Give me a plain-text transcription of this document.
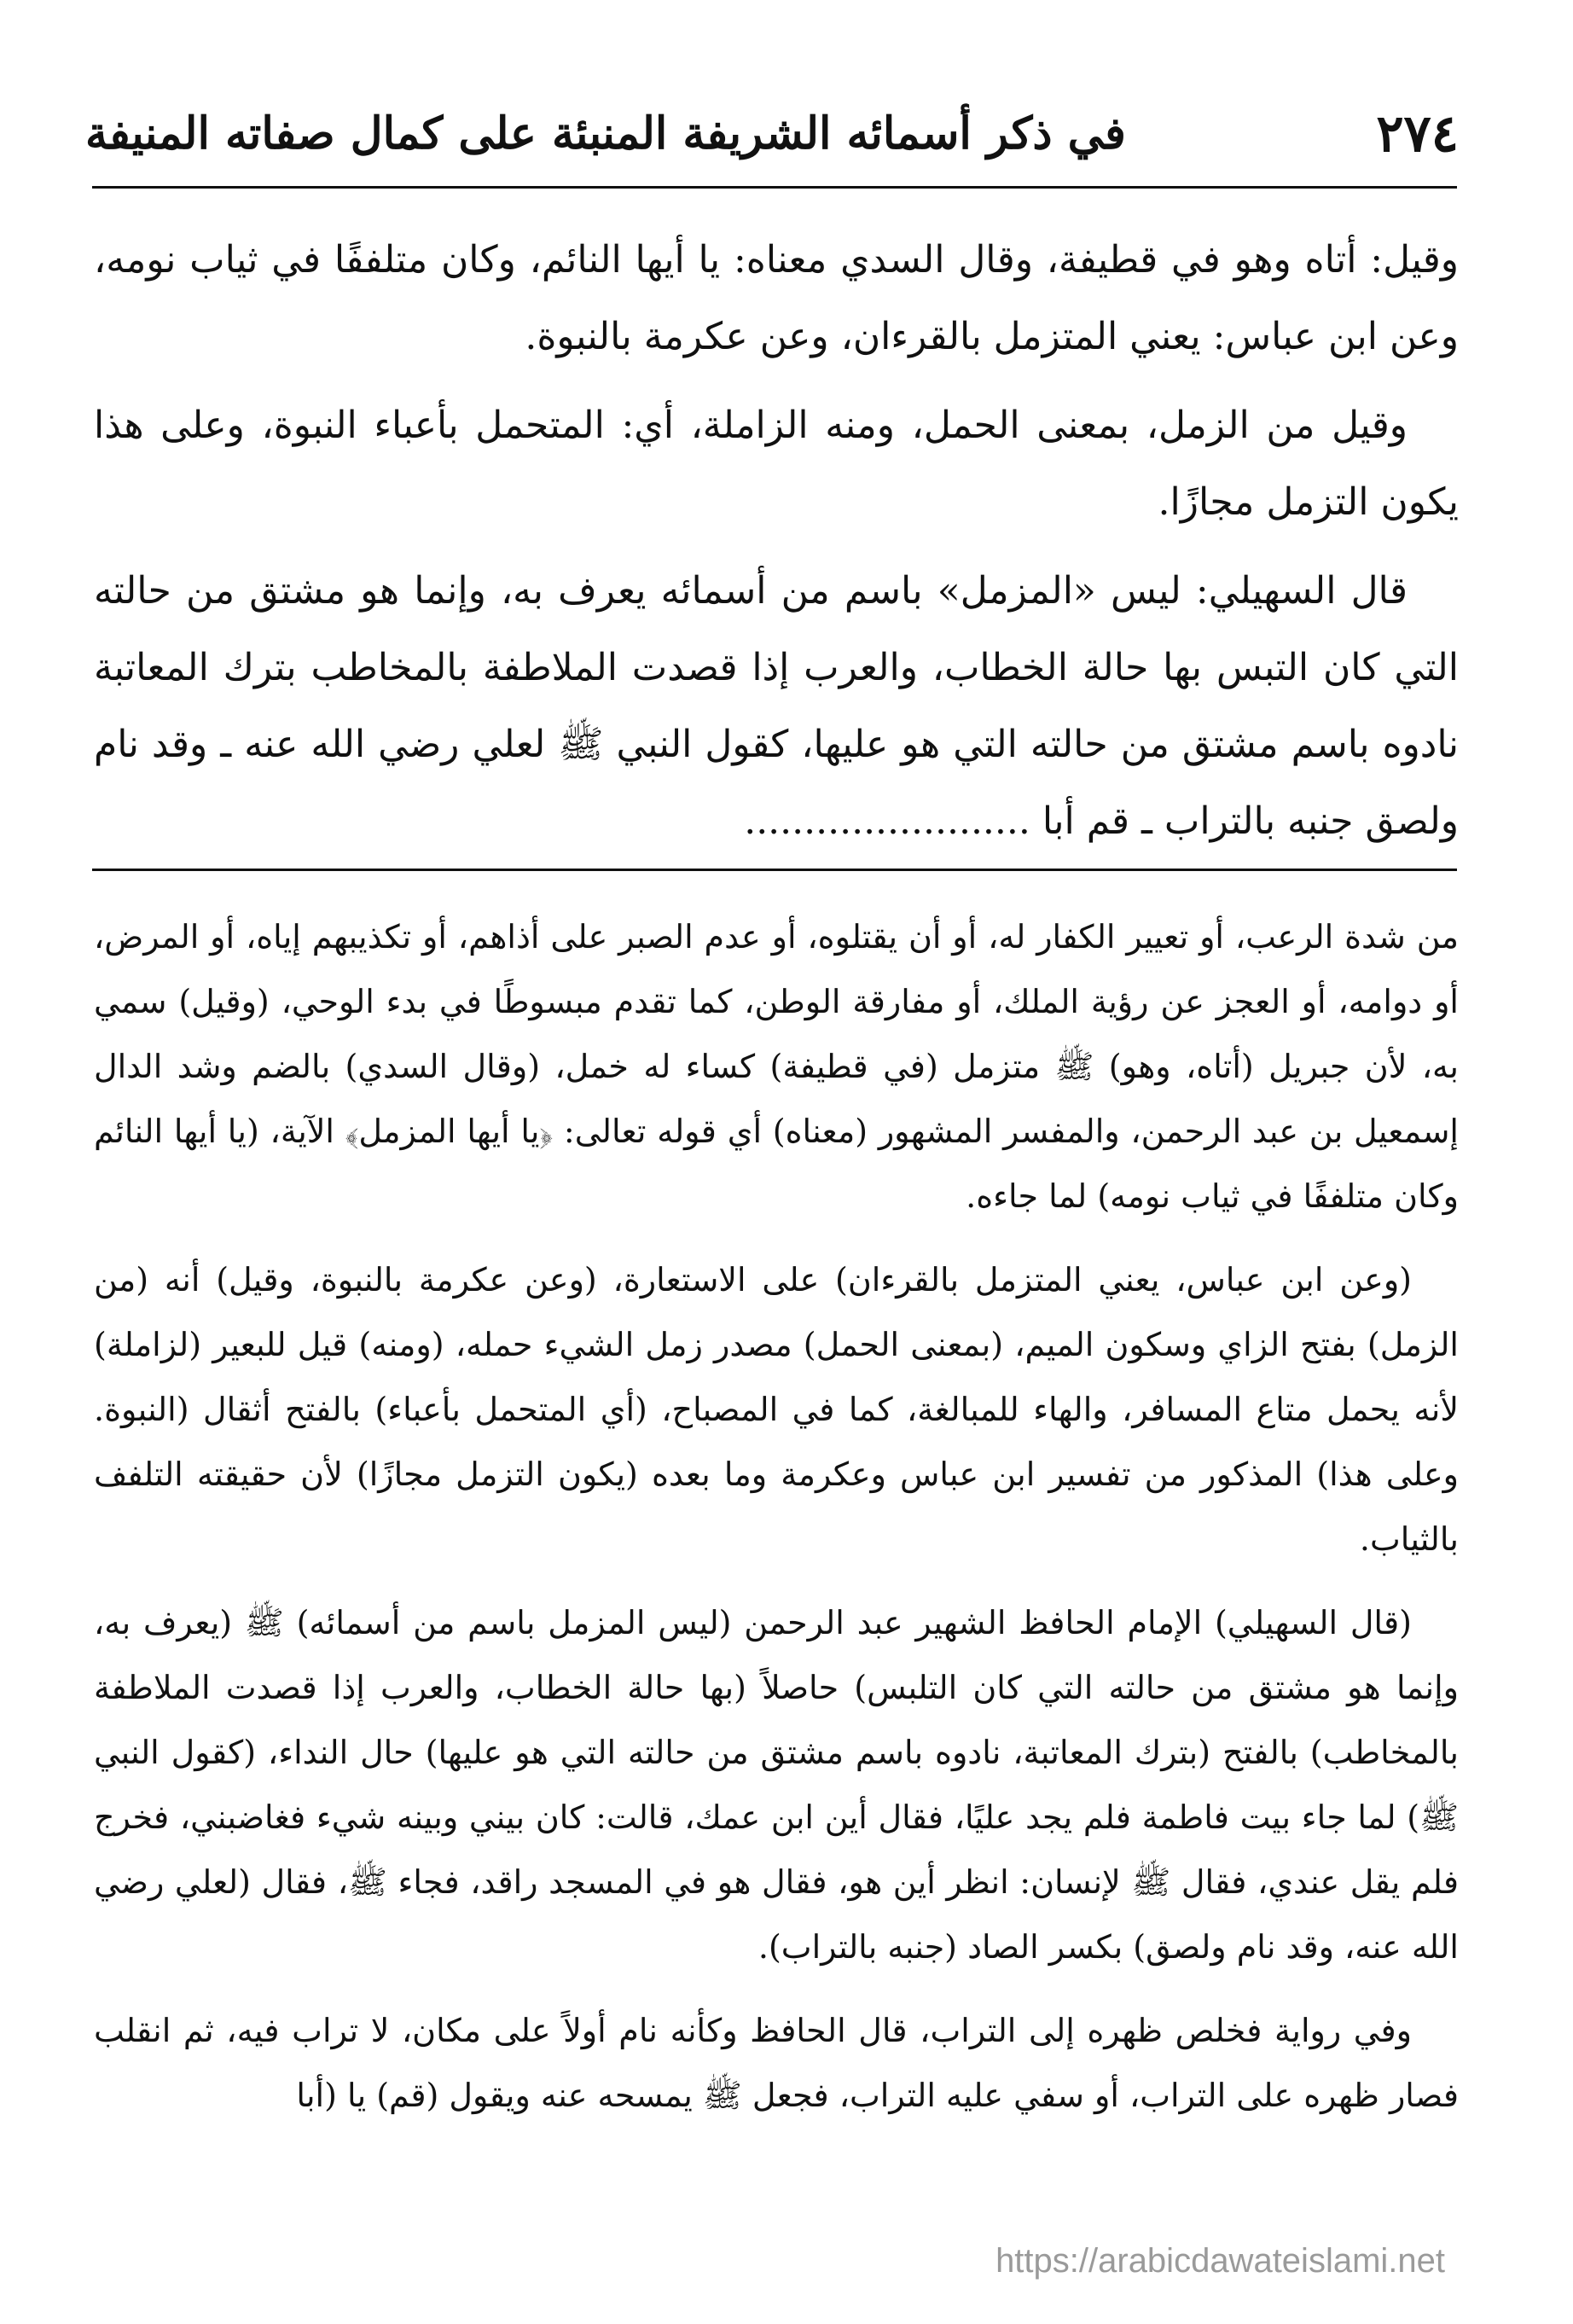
٢٧٤
في ذكر أسمائه الشريفة المنبئة على كمال صفاته المنيفة

وقيل: أتاه وهو في قطيفة، وقال السدي معناه: يا أيها النائم، وكان متلففًا في ثياب نومه، وعن ابن عباس: يعني المتزمل بالقرءان، وعن عكرمة بالنبوة.

وقيل من الزمل، بمعنى الحمل، ومنه الزاملة، أي: المتحمل بأعباء النبوة، وعلى هذا يكون التزمل مجازًا.

قال السهيلي: ليس «المزمل» باسم من أسمائه يعرف به، وإنما هو مشتق من حالته التي كان التبس بها حالة الخطاب، والعرب إذا قصدت الملاطفة بالمخاطب بترك المعاتبة نادوه باسم مشتق من حالته التي هو عليها، كقول النبي ﷺ لعلي رضي الله عنه ـ وقد نام ولصق جنبه بالتراب ـ قم أبا ........................

من شدة الرعب، أو تعيير الكفار له، أو أن يقتلوه، أو عدم الصبر على أذاهم، أو تكذيبهم إياه، أو المرض، أو دوامه، أو العجز عن رؤية الملك، أو مفارقة الوطن، كما تقدم مبسوطًا في بدء الوحي، (وقيل) سمي به، لأن جبريل (أتاه، وهو) ﷺ متزمل (في قطيفة) كساء له خمل، (وقال السدي) بالضم وشد الدال إسمعيل بن عبد الرحمن، والمفسر المشهور (معناه) أي قوله تعالى: ﴿يا أيها المزمل﴾ الآية، (يا أيها النائم وكان متلففًا في ثياب نومه) لما جاءه.

(وعن ابن عباس، يعني المتزمل بالقرءان) على الاستعارة، (وعن عكرمة بالنبوة، وقيل) أنه (من الزمل) بفتح الزاي وسكون الميم، (بمعنى الحمل) مصدر زمل الشيء حمله، (ومنه) قيل للبعير (لزاملة) لأنه يحمل متاع المسافر، والهاء للمبالغة، كما في المصباح، (أي المتحمل بأعباء) بالفتح أثقال (النبوة. وعلى هذا) المذكور من تفسير ابن عباس وعكرمة وما بعده (يكون التزمل مجازًا) لأن حقيقته التلفف بالثياب.

(قال السهيلي) الإمام الحافظ الشهير عبد الرحمن (ليس المزمل باسم من أسمائه) ﷺ (يعرف به، وإنما هو مشتق من حالته التي كان التلبس) حاصلاً (بها حالة الخطاب، والعرب إذا قصدت الملاطفة بالمخاطب) بالفتح (بترك المعاتبة، نادوه باسم مشتق من حالته التي هو عليها) حال النداء، (كقول النبي ﷺ) لما جاء بيت فاطمة فلم يجد عليًا، فقال أين ابن عمك، قالت: كان بيني وبينه شيء فغاضبني، فخرج فلم يقل عندي، فقال ﷺ لإنسان: انظر أين هو، فقال هو في المسجد راقد، فجاء ﷺ، فقال (لعلي رضي الله عنه، وقد نام ولصق) بكسر الصاد (جنبه بالتراب).

وفي رواية فخلص ظهره إلى التراب، قال الحافظ وكأنه نام أولاً على مكان، لا تراب فيه، ثم انقلب فصار ظهره على التراب، أو سفي عليه التراب، فجعل ﷺ يمسحه عنه ويقول (قم) يا (أبا

https://arabicdawateislami.net
